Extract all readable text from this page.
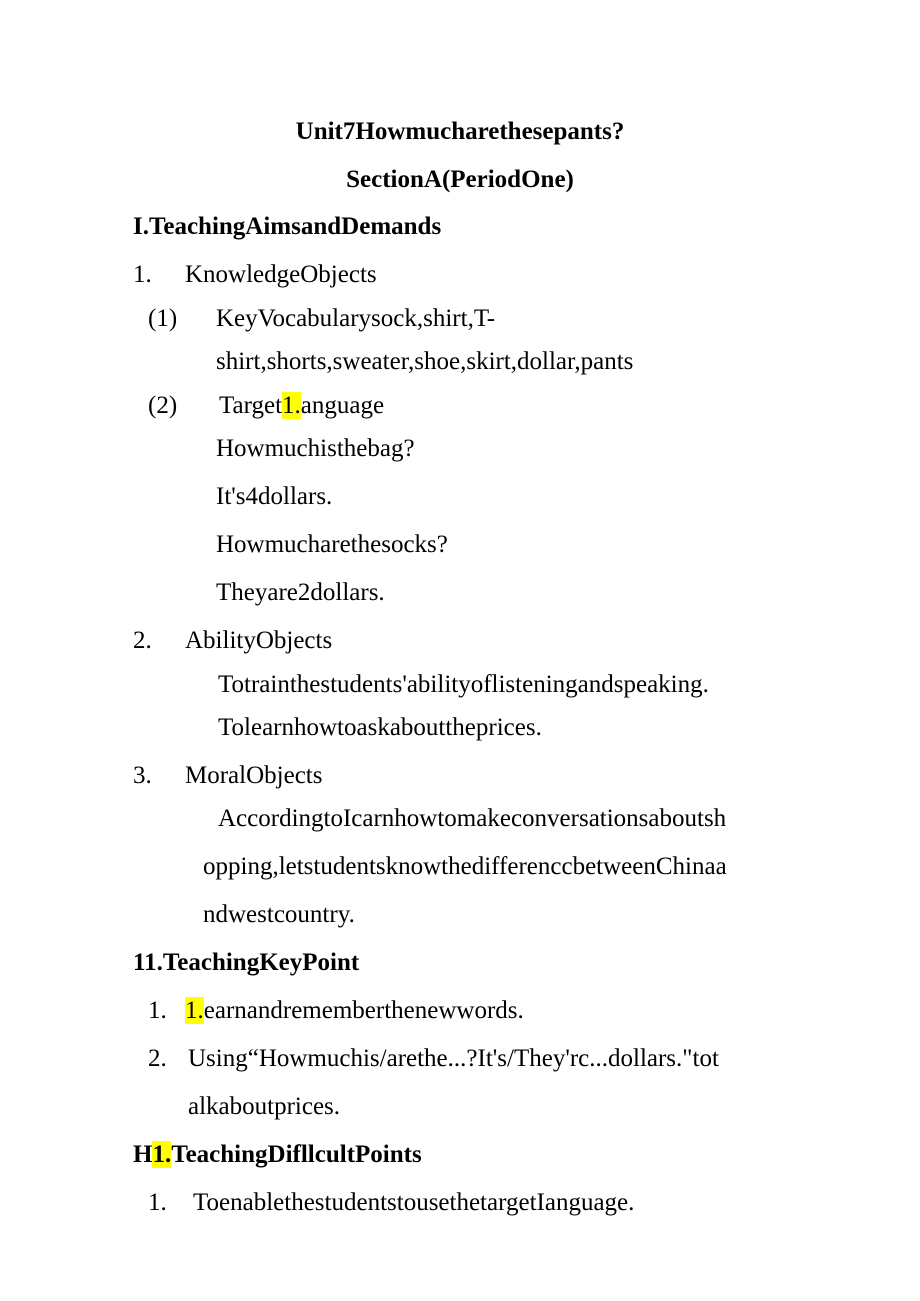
Unit7Howmucharethesepants?
SectionA(PeriodOne)
I.TeachingAimsandDemands
1. KnowledgeObjects
(1) KeyVocabularysock,shirt,T-
shirt,shorts,sweater,shoe,skirt,dollar,pants
(2) Target1.anguage
Howmuchisthebag?
It's4dollars.
Howmucharethesocks?
Theyare2dollars.
2. AbilityObjects
Totrainthestudents'abilityoflisteningandspeaking.
Tolearnhowtoaskabouttheprices.
3. MoralObjects
AccordingtoIcarnhowtomakeconversationsaboutsh
opping,letstudentsknowthedifferenccbetweenChinaa
ndwestcountry.
11.TeachingKeyPoint
1. 1.earnandrememberthenewwords.
2. Using“Howmuchis/arethe...?It's/They'rc...dollars."tot
alkaboutprices.
H1.TeachingDifllcultPoints
1. ToenablethestudentstousethetargetIanguage.
